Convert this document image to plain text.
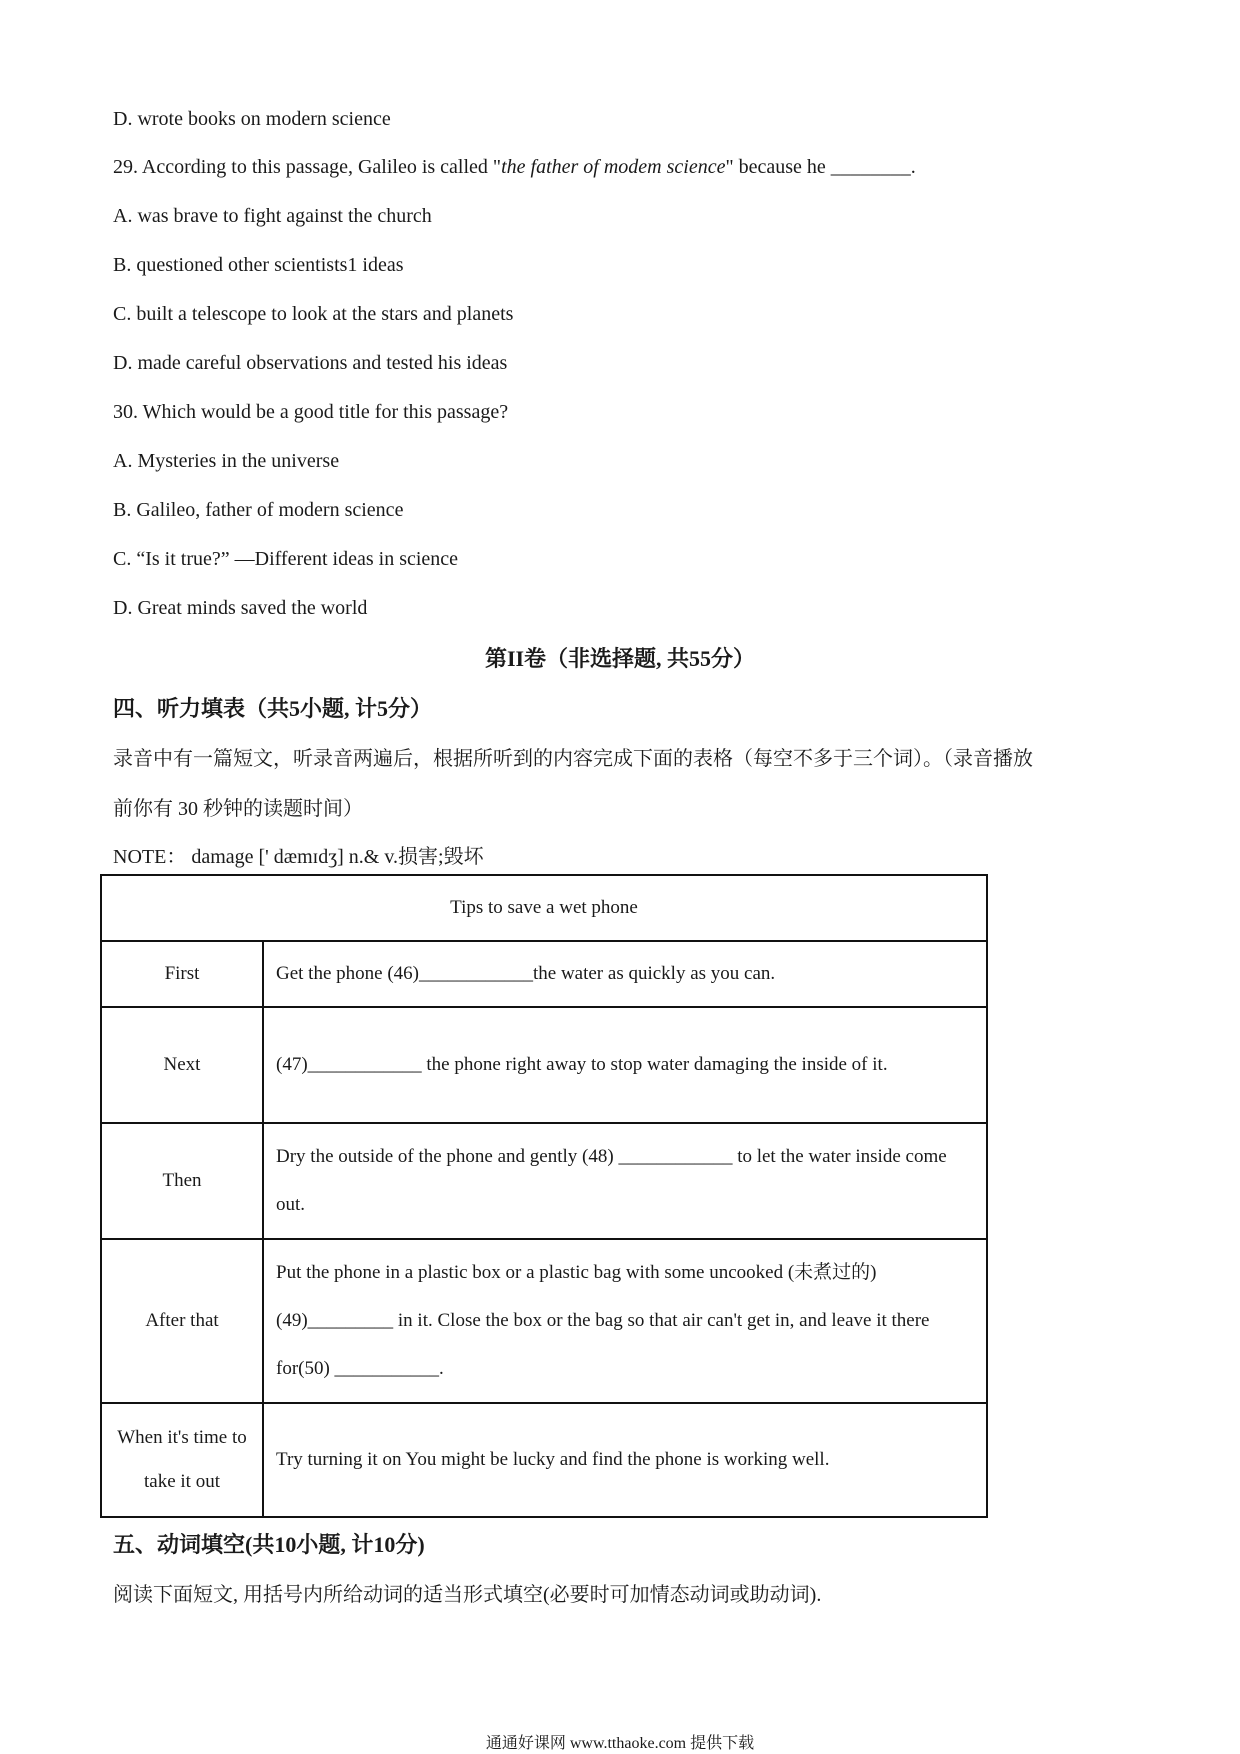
D. wrote books on modern science
29. According to this passage, Galileo is called "the father of modem science" because he ________.
A. was brave to fight against the church
B. questioned other scientists1 ideas
C. built a telescope to look at the stars and planets
D. made careful observations and tested his ideas
30. Which would be a good title for this passage?
A. Mysteries in the universe
B. Galileo, father of modern science
C. “Is it true?” —Different ideas in science
D. Great minds saved the world
第II卷（非选择题, 共55分）
四、听力填表（共5小题, 计5分）
录音中有一篇短文，听录音两遍后，根据所听到的内容完成下面的表格（每空不多于三个词）。（录音播放
前你有 30 秒钟的读题时间）
NOTE： damage [' dæmɪdʒ] n.& v.损害;毁坏
Tips to save a wet phone	
First	Get the phone (46)____________the water as quickly as you can.
Next	(47)____________ the phone right away to stop water damaging the inside of it.
Then	Dry the outside of the phone and gently (48) ____________ to let the water inside come out.
After that	Put the phone in a plastic box or a plastic bag with some uncooked (未煮过的)(49)_________ in it. Close the box or the bag so that air can't get in, and leave it there for(50) ___________.
When it's time to take it out	Try turning it on You might be lucky and find the phone is working well.
五、动词填空(共10小题, 计10分)
阅读下面短文, 用括号内所给动词的适当形式填空(必要时可加情态动词或助动词).
通通好课网 www.tthaoke.com 提供下载
